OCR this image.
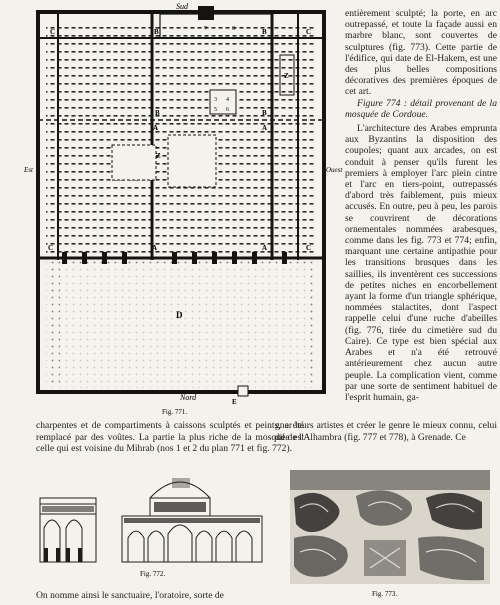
Sud
Nord
Est	Ouest
C	B	B	C
Z
B	B
A	A
Z
C	A	A	C
D
E
3 4
5 6
7	8
Fig. 771.

entièrement sculpté; la porte, en arc outrepassé, et toute la façade aussi en marbre blanc, sont couvertes de sculptures (fig. 773). Cette partie de l'édifice, qui date de El-Hakem, est une des plus belles compositions décoratives des premières époques de cet art.

Figure 774 : détail provenant de la mosquée de Cordoue.

L'architecture des Arabes emprunta aux Byzantins la disposition des coupoles; quant aux arcades, on est conduit à penser qu'ils furent les premiers à employer l'arc plein cintre et l'arc en tiers-point, outrepassés d'abord très faiblement, puis mieux accusés. En outre, peu à peu, les parois se couvrirent de décorations ornementales nommées arabesques, comme dans les fig. 773 et 774; enfin, marquant une certaine antipathie pour les transitions brusques dans les saillies, ils inventèrent ces successions de petites niches en encorbellement ayant la forme d'un triangle sphérique, nommées stalactites, dont l'aspect rappelle celui d'une ruche d'abeilles (fig. 776, tirée du cimetière sud du Caire). Ce type est bien spécial aux Arabes et n'a été retrouvé antérieurement chez aucun autre peuple. La complication vient, comme par une sorte de sentiment habituel de l'esprit humain, ga-

charpentes et de compartiments à caissons sculptés et peints, a été remplacé par des voûtes. La partie la plus riche de la mosquée est celle qui est voisine du Mihrab (nos 1 et 2 du plan 771 et fig. 772).

gner leurs artistes et créer le genre le mieux connu, celui dit de l'Alhambra (fig. 777 et 778), à Grenade. Ce

Fig. 772.
Fig. 773.
On nomme ainsi le sanctuaire, l'oratoire, sorte de
